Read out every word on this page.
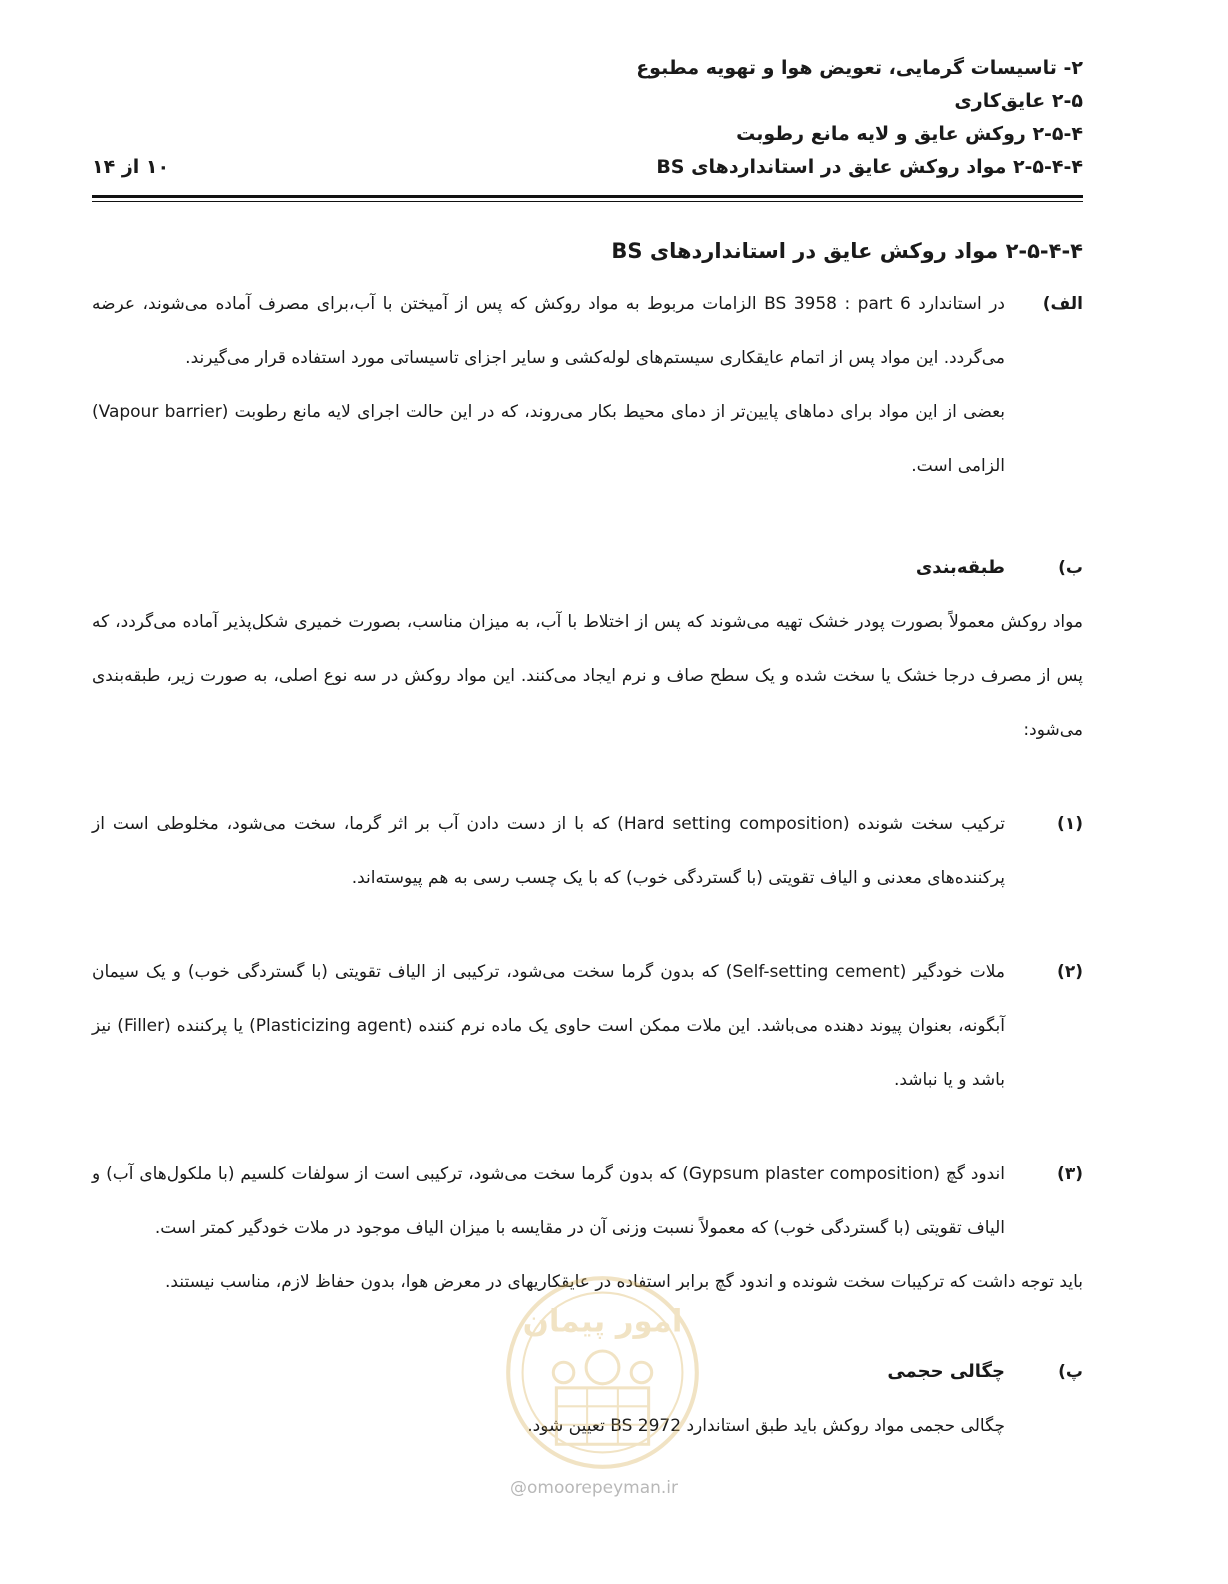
۲- تاسیسات گرمایی، تعویض هوا و تهویه مطبوع
۲-۵ عایق‌کاری
۲-۵-۴ روکش عایق و لایه مانع رطوبت
۲-۵-۴-۴ مواد روکش عایق در استانداردهای BS
۱۰ از ۱۴
۲-۵-۴-۴ مواد روکش عایق در استانداردهای BS
الف)

در استاندارد BS 3958 : part 6 الزامات مربوط به مواد روکش که پس از آمیختن با آب،برای مصرف آماده می‌شوند، عرضه می‌گردد. این مواد پس از اتمام عایقکاری سیستم‌های لوله‌کشی و سایر اجزای تاسیساتی مورد استفاده قرار می‌گیرند.

بعضی از این مواد برای دماهای پایین‌تر از دمای محیط بکار می‌روند، که در این حالت اجرای لایه مانع رطوبت (Vapour barrier) الزامی است.

ب)
طبقه‌بندی

مواد روکش معمولاً بصورت پودر خشک تهیه می‌شوند که پس از اختلاط با آب، به میزان مناسب، بصورت خمیری شکل‌پذیر آماده می‌گردد، که پس از مصرف درجا خشک یا سخت شده و یک سطح صاف و نرم ایجاد می‌کنند. این مواد روکش در سه نوع اصلی، به صورت زیر، طبقه‌بندی می‌شود:

(۱)

ترکیب سخت شونده (Hard setting composition) که با از دست دادن آب بر اثر گرما، سخت می‌شود، مخلوطی است از پرکننده‌های معدنی و الیاف تقویتی (با گستردگی خوب) که با یک چسب رسی به هم پیوسته‌اند.

(۲)

ملات خودگیر (Self-setting cement) که بدون گرما سخت می‌شود، ترکیبی از الیاف تقویتی (با گستردگی خوب) و یک سیمان آبگونه، بعنوان پیوند دهنده می‌باشد. این ملات ممکن است حاوی یک ماده نرم کننده (Plasticizing agent) یا پرکننده (Filler) نیز باشد و یا نباشد.

(۳)

اندود گچ (Gypsum plaster composition) که بدون گرما سخت می‌شود، ترکیبی است از سولفات کلسیم (با ملکول‌های آب) و الیاف تقویتی (با گستردگی خوب) که معمولاً نسبت وزنی آن در مقایسه با میزان الیاف موجود در ملات خودگیر کمتر است.

باید توجه داشت که ترکیبات سخت شونده و اندود گچ برابر استفاده در عایقکاریهای در معرض هوا، بدون حفاظ لازم، مناسب نیستند.

پ)
چگالی حجمی

چگالی حجمی مواد روکش باید طبق استاندارد BS 2972 تعیین شود.

امور پیمان
@omoorepeyman.ir
